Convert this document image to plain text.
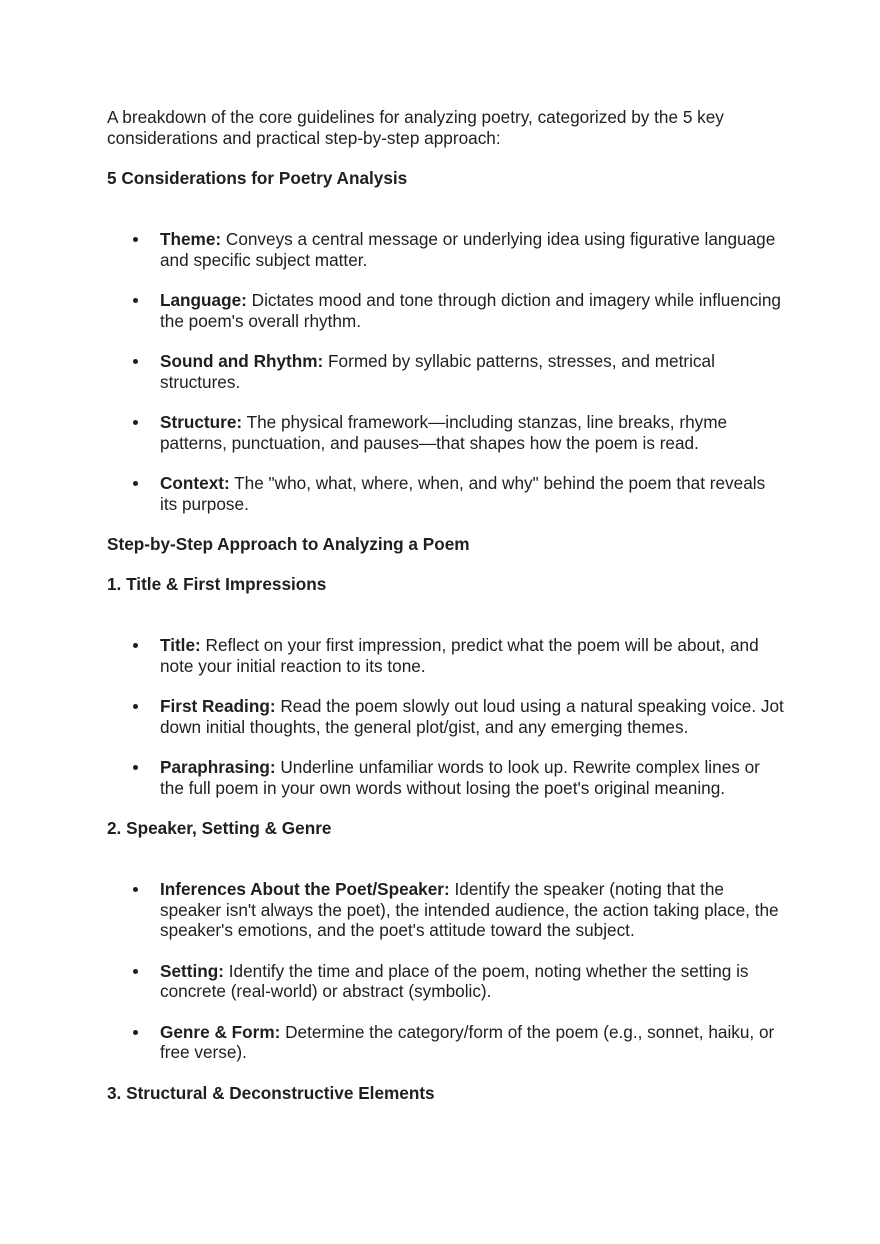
A breakdown of the core guidelines for analyzing poetry, categorized by the 5 key considerations and practical step-by-step approach:

5 Considerations for Poetry Analysis
Theme: Conveys a central message or underlying idea using figurative language and specific subject matter.
Language: Dictates mood and tone through diction and imagery while influencing the poem's overall rhythm.
Sound and Rhythm: Formed by syllabic patterns, stresses, and metrical structures.
Structure: The physical framework—including stanzas, line breaks, rhyme patterns, punctuation, and pauses—that shapes how the poem is read.
Context: The "who, what, where, when, and why" behind the poem that reveals its purpose.
Step-by-Step Approach to Analyzing a Poem
1. Title & First Impressions
Title: Reflect on your first impression, predict what the poem will be about, and note your initial reaction to its tone.
First Reading: Read the poem slowly out loud using a natural speaking voice. Jot down initial thoughts, the general plot/gist, and any emerging themes.
Paraphrasing: Underline unfamiliar words to look up. Rewrite complex lines or the full poem in your own words without losing the poet's original meaning.
2. Speaker, Setting & Genre
Inferences About the Poet/Speaker: Identify the speaker (noting that the speaker isn't always the poet), the intended audience, the action taking place, the speaker's emotions, and the poet's attitude toward the subject.
Setting: Identify the time and place of the poem, noting whether the setting is concrete (real-world) or abstract (symbolic).
Genre & Form: Determine the category/form of the poem (e.g., sonnet, haiku, or free verse).
3. Structural & Deconstructive Elements
